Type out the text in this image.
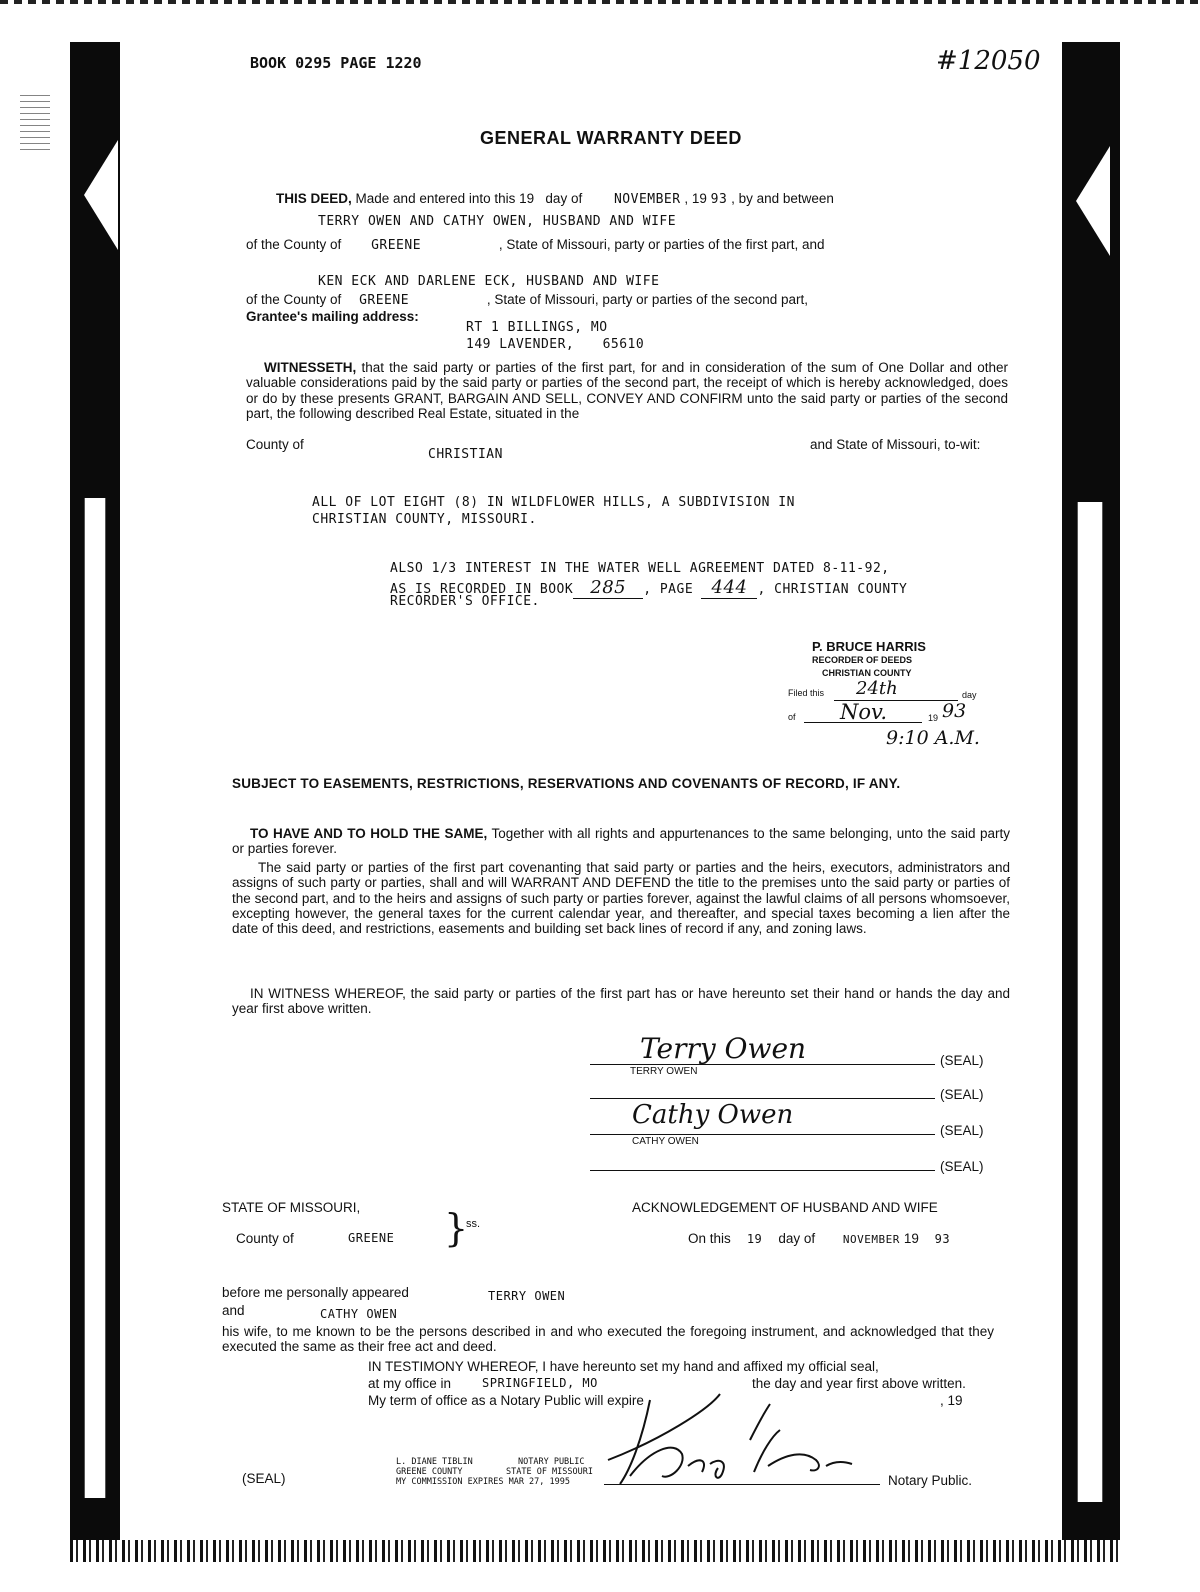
BOOK 0295 PAGE 1220	#12050
GENERAL WARRANTY DEED
THIS DEED, Made and entered into this 19 day of NOVEMBER , 19 93 , by and between
TERRY OWEN AND CATHY OWEN, HUSBAND AND WIFE
of the County of GREENE	, State of Missouri, party or parties of the first part, and
KEN ECK AND DARLENE ECK, HUSBAND AND WIFE
of the County of GREENE	, State of Missouri, party or parties of the second part,
Grantee's mailing address:
RT 1 BILLINGS, MO
149 LAVENDER, 65610
WITNESSETH, that the said party or parties of the first part, for and in consideration of the sum of One Dollar and other valuable considerations paid by the said party or parties of the second part, the receipt of which is hereby acknowledged, does or do by these presents GRANT, BARGAIN AND SELL, CONVEY AND CONFIRM unto the said party or parties of the second part, the following described Real Estate, situated in the
County of	and State of Missouri, to-wit:
CHRISTIAN
ALL OF LOT EIGHT (8) IN WILDFLOWER HILLS, A SUBDIVISION IN
CHRISTIAN COUNTY, MISSOURI.
ALSO 1/3 INTEREST IN THE WATER WELL AGREEMENT DATED 8-11-92,
AS IS RECORDED IN BOOK 285 , PAGE 444 , CHRISTIAN COUNTY
RECORDER'S OFFICE.
P. BRUCE HARRIS
RECORDER OF DEEDS
CHRISTIAN COUNTY
Filed this 24th	day
of Nov.	19 93
9:10 A.M.
SUBJECT TO EASEMENTS, RESTRICTIONS, RESERVATIONS AND COVENANTS OF RECORD, IF ANY.
TO HAVE AND TO HOLD THE SAME, Together with all rights and appurtenances to the same belonging, unto the said party or parties forever.
The said party or parties of the first part covenanting that said party or parties and the heirs, executors, administrators and assigns of such party or parties, shall and will WARRANT AND DEFEND the title to the premises unto the said party or parties of the second part, and to the heirs and assigns of such party or parties forever, against the lawful claims of all persons whomsoever, excepting however, the general taxes for the current calendar year, and thereafter, and special taxes becoming a lien after the date of this deed, and restrictions, easements and building set back lines of record if any, and zoning laws.
IN WITNESS WHEREOF, the said party or parties of the first part has or have hereunto set their hand or hands the day and year first above written.
Terry Owen
TERRY OWEN
(SEAL)
(SEAL)
Cathy Owen
CATHY OWEN
(SEAL)
(SEAL)
STATE OF MISSOURI,
County of	GREENE }
ss.
ACKNOWLEDGEMENT OF HUSBAND AND WIFE
On this 19 day of	NOVEMBER 19 93
before me personally appeared	TERRY OWEN
and	CATHY OWEN
his wife, to me known to be the persons described in and who executed the foregoing instrument, and acknowledged that they executed the same as their free act and deed.
IN TESTIMONY WHEREOF, I have hereunto set my hand and affixed my official seal,
at my office in	SPRINGFIELD, MO	the day and year first above written.
My term of office as a Notary Public will expire	, 19
(SEAL)
L. DIANE TIBLIN	NOTARY PUBLIC
GREENE COUNTY	STATE OF MISSOURI
MY COMMISSION EXPIRES MAR 27, 1995	Notary Public.
